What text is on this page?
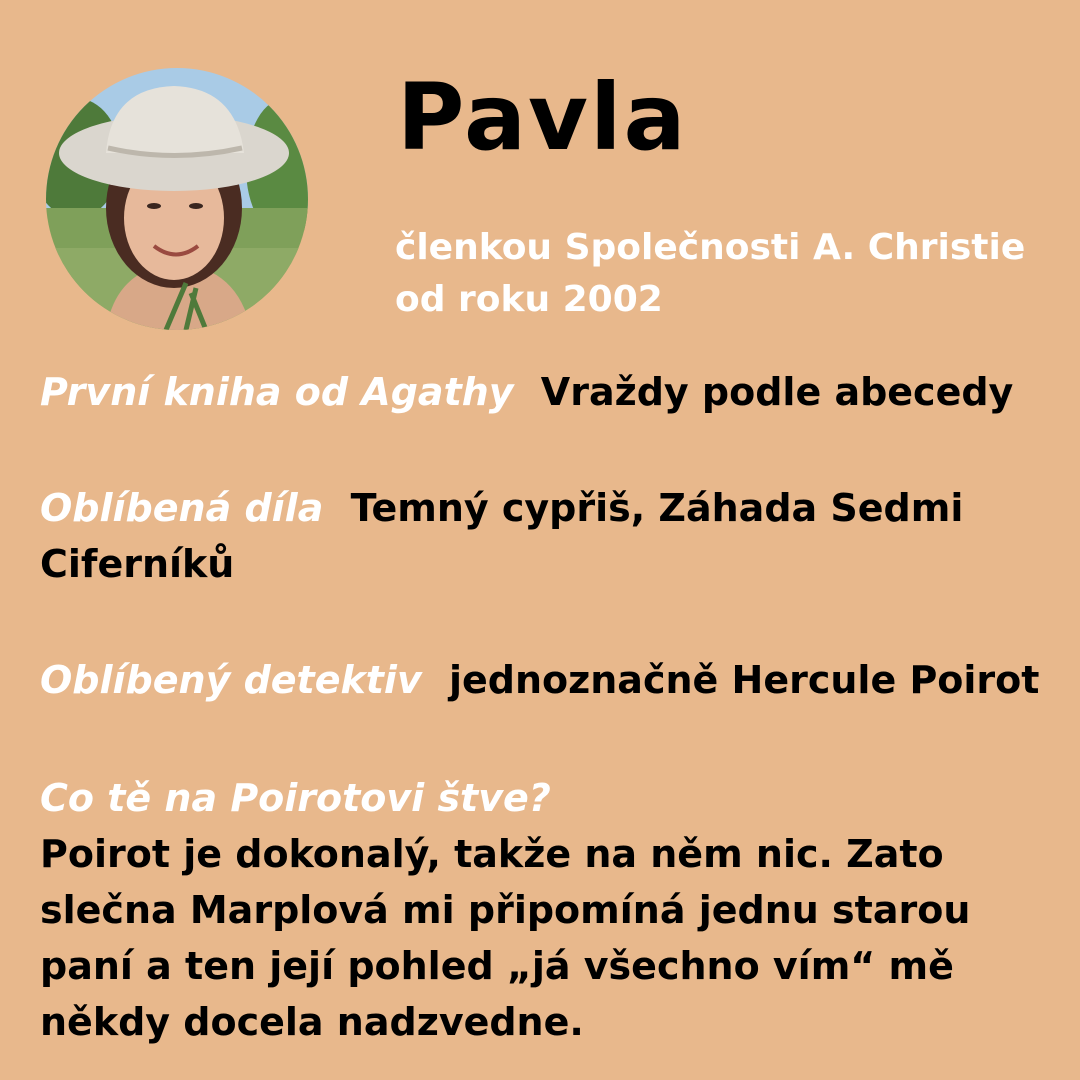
Pavla
členkou Společnosti A. Christie od roku 2002
První kniha od Agathy Vraždy podle abecedy
Oblíbená díla Temný cypřiš, Záhada Sedmi Ciferníků
Oblíbený detektiv jednoznačně Hercule Poirot
Co tě na Poirotovi štve?
Poirot je dokonalý, takže na něm nic. Zato slečna Marplová mi připomíná jednu starou paní a ten její pohled „já všechno vím“ mě někdy docela nadzvedne.
